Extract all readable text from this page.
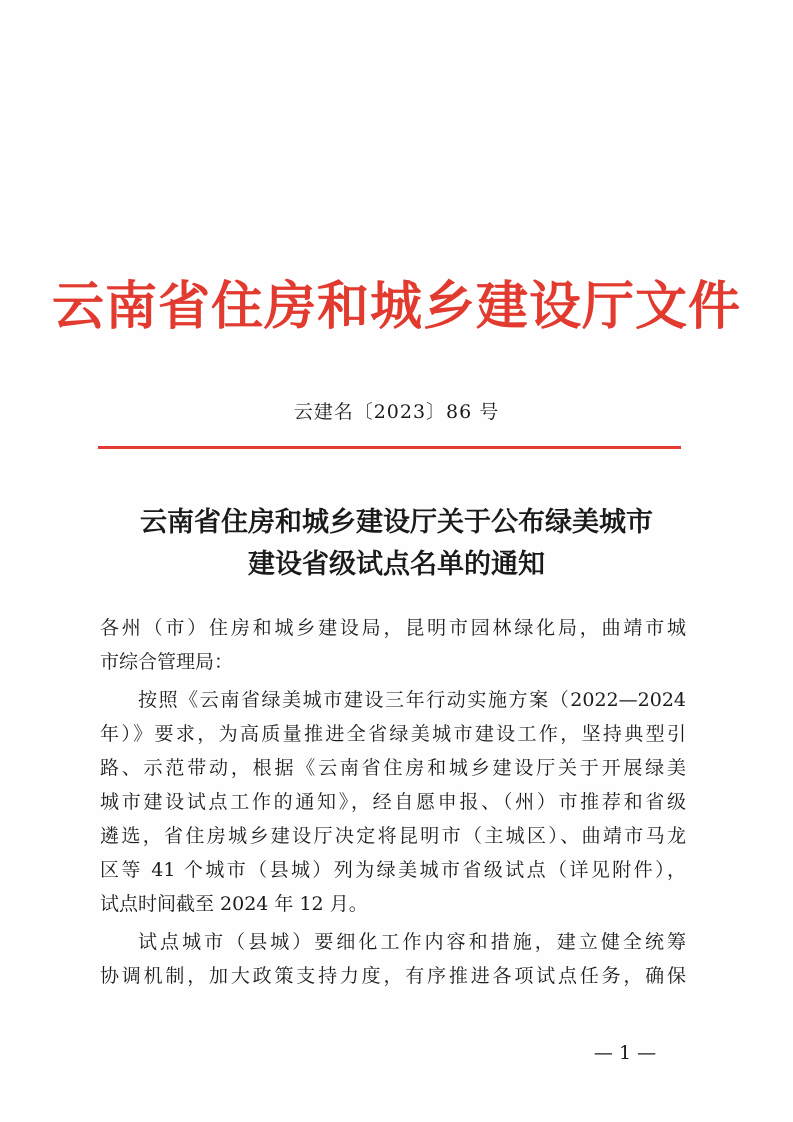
云南省住房和城乡建设厅文件
云建名〔2023〕86 号
云南省住房和城乡建设厅关于公布绿美城市
建设省级试点名单的通知
各州（市）住房和城乡建设局，昆明市园林绿化局，曲靖市城
市综合管理局：
按照《云南省绿美城市建设三年行动实施方案（2022—2024
年）》要求，为高质量推进全省绿美城市建设工作，坚持典型引
路、示范带动，根据《云南省住房和城乡建设厅关于开展绿美
城市建设试点工作的通知》，经自愿申报、（州）市推荐和省级
遴选，省住房城乡建设厅决定将昆明市（主城区）、曲靖市马龙
区等 41 个城市（县城）列为绿美城市省级试点（详见附件），
试点时间截至 2024 年 12 月。
试点城市（县城）要细化工作内容和措施，建立健全统筹
协调机制，加大政策支持力度，有序推进各项试点任务，确保
— 1 —
